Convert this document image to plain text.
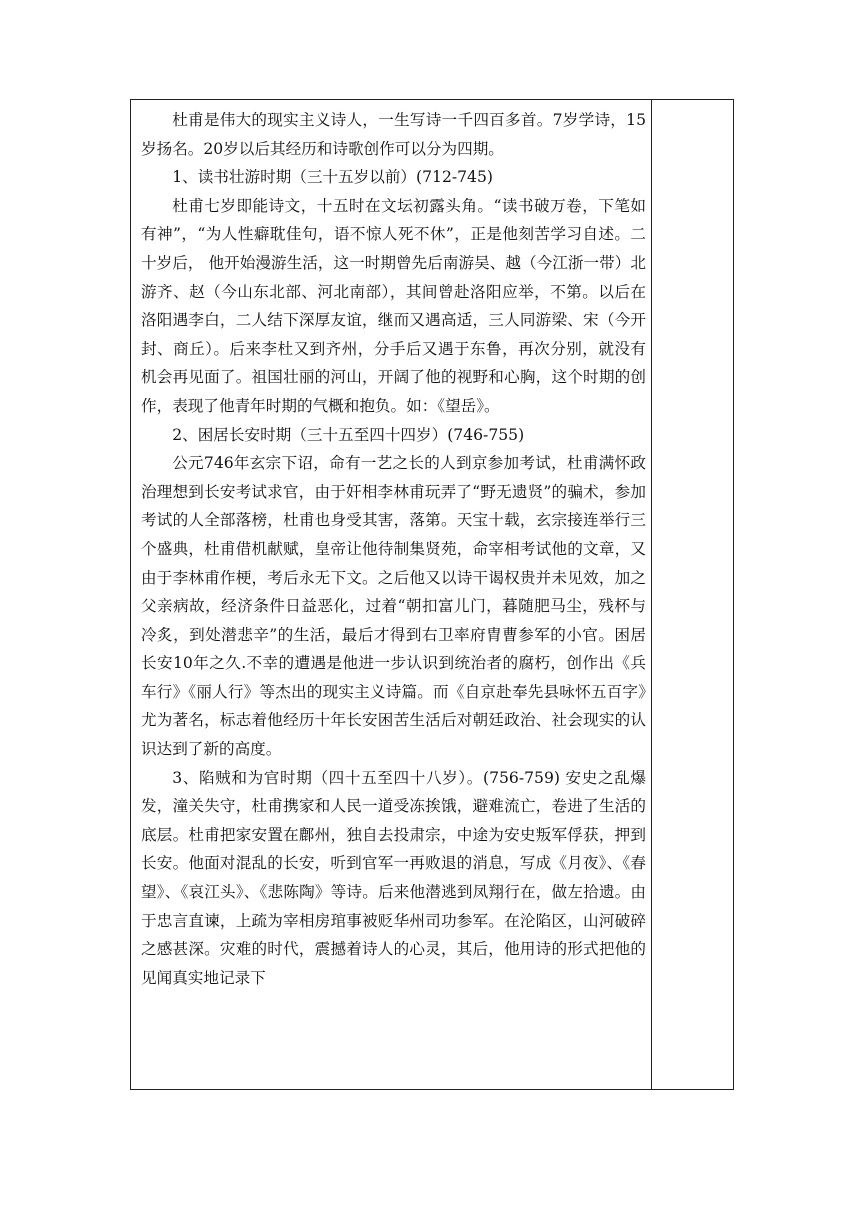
杜甫是伟大的现实主义诗人，一生写诗一千四百多首。7岁学诗，15岁扬名。20岁以后其经历和诗歌创作可以分为四期。

1、读书壮游时期（三十五岁以前）(712-745)

杜甫七岁即能诗文，十五时在文坛初露头角。“读书破万卷，下笔如有神”，“为人性癖耽佳句，语不惊人死不休”，正是他刻苦学习自述。二十岁后， 他开始漫游生活，这一时期曾先后南游吴、越（今江浙一带）北游齐、赵（今山东北部、河北南部），其间曾赴洛阳应举，不第。以后在洛阳遇李白，二人结下深厚友谊，继而又遇高适，三人同游梁、宋（今开封、商丘）。后来李杜又到齐州，分手后又遇于东鲁，再次分别，就没有机会再见面了。祖国壮丽的河山，开阔了他的视野和心胸，这个时期的创作，表现了他青年时期的气概和抱负。如：《望岳》。

2、困居长安时期（三十五至四十四岁）(746-755)

公元746年玄宗下诏，命有一艺之长的人到京参加考试，杜甫满怀政治理想到长安考试求官，由于奸相李林甫玩弄了“野无遗贤”的骗术，参加考试的人全部落榜，杜甫也身受其害，落第。天宝十载，玄宗接连举行三个盛典，杜甫借机献赋，皇帝让他待制集贤苑，命宰相考试他的文章，又由于李林甫作梗，考后永无下文。之后他又以诗干谒权贵并未见效，加之父亲病故，经济条件日益恶化，过着“朝扣富儿门，暮随肥马尘，残杯与冷炙，到处潜悲辛”的生活，最后才得到右卫率府胄曹参军的小官。困居长安10年之久.不幸的遭遇是他进一步认识到统治者的腐朽，创作出《兵车行》《丽人行》等杰出的现实主义诗篇。而《自京赴奉先县咏怀五百字》尤为著名，标志着他经历十年长安困苦生活后对朝廷政治、社会现实的认识达到了新的高度。

3、陷贼和为官时期（四十五至四十八岁）。(756-759) 安史之乱爆发，潼关失守，杜甫携家和人民一道受冻挨饿，避难流亡，卷进了生活的底层。杜甫把家安置在鄜州，独自去投肃宗，中途为安史叛军俘获，押到长安。他面对混乱的长安，听到官军一再败退的消息，写成《月夜》、《春望》、《哀江头》、《悲陈陶》等诗。后来他潜逃到凤翔行在，做左拾遗。由于忠言直谏，上疏为宰相房琯事被贬华州司功参军。在沦陷区，山河破碎之感甚深。灾难的时代，震撼着诗人的心灵，其后，他用诗的形式把他的见闻真实地记录下
